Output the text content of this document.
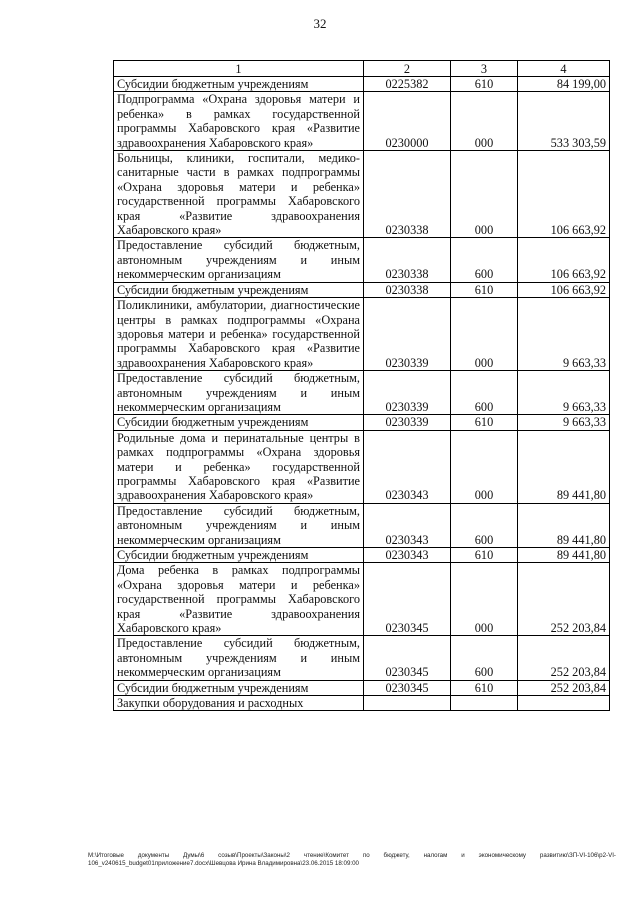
32
1	2	3	4
Субсидии бюджетным учреждениям	0225382	610	84 199,00
Подпрограмма «Охрана здоровья матери и ребенка» в рамках государственной программы Хабаровского края «Развитие здравоохранения Хабаровского края»	0230000	000	533 303,59
Больницы, клиники, госпитали, медико-санитарные части в рамках подпрограммы «Охрана здоровья матери и ребенка» государственной программы Хабаровского края «Развитие здравоохранения Хабаровского края»	0230338	000	106 663,92
Предоставление субсидий бюджетным, автономным учреждениям и иным некоммерческим организациям	0230338	600	106 663,92
Субсидии бюджетным учреждениям	0230338	610	106 663,92
Поликлиники, амбулатории, диагностические центры в рамках подпрограммы «Охрана здоровья матери и ребенка» государственной программы Хабаровского края «Развитие здравоохранения Хабаровского края»	0230339	000	9 663,33
Предоставление субсидий бюджетным, автономным учреждениям и иным некоммерческим организациям	0230339	600	9 663,33
Субсидии бюджетным учреждениям	0230339	610	9 663,33
Родильные дома и перинатальные центры в рамках подпрограммы «Охрана здоровья матери и ребенка» государственной программы Хабаровского края «Развитие здравоохранения Хабаровского края»	0230343	000	89 441,80
Предоставление субсидий бюджетным, автономным учреждениям и иным некоммерческим организациям	0230343	600	89 441,80
Субсидии бюджетным учреждениям	0230343	610	89 441,80
Дома ребенка в рамках подпрограммы «Охрана здоровья матери и ребенка» государственной программы Хабаровского края «Развитие здравоохранения Хабаровского края»	0230345	000	252 203,84
Предоставление субсидий бюджетным, автономным учреждениям и иным некоммерческим организациям	0230345	600	252 203,84
Субсидии бюджетным учреждениям	0230345	610	252 203,84
Закупки оборудования и расходных			
M:\Итоговые документы Думы\6 созыв\Проекты\Законы\2 чтение\Комитет по бюджету, налогам и экономическому развитию\ЗП-VI-106\р2-VI-106_v240615_budget01приложение7.docx\Шевцова Ирина Владимировна\23.06.2015 18:09:00
